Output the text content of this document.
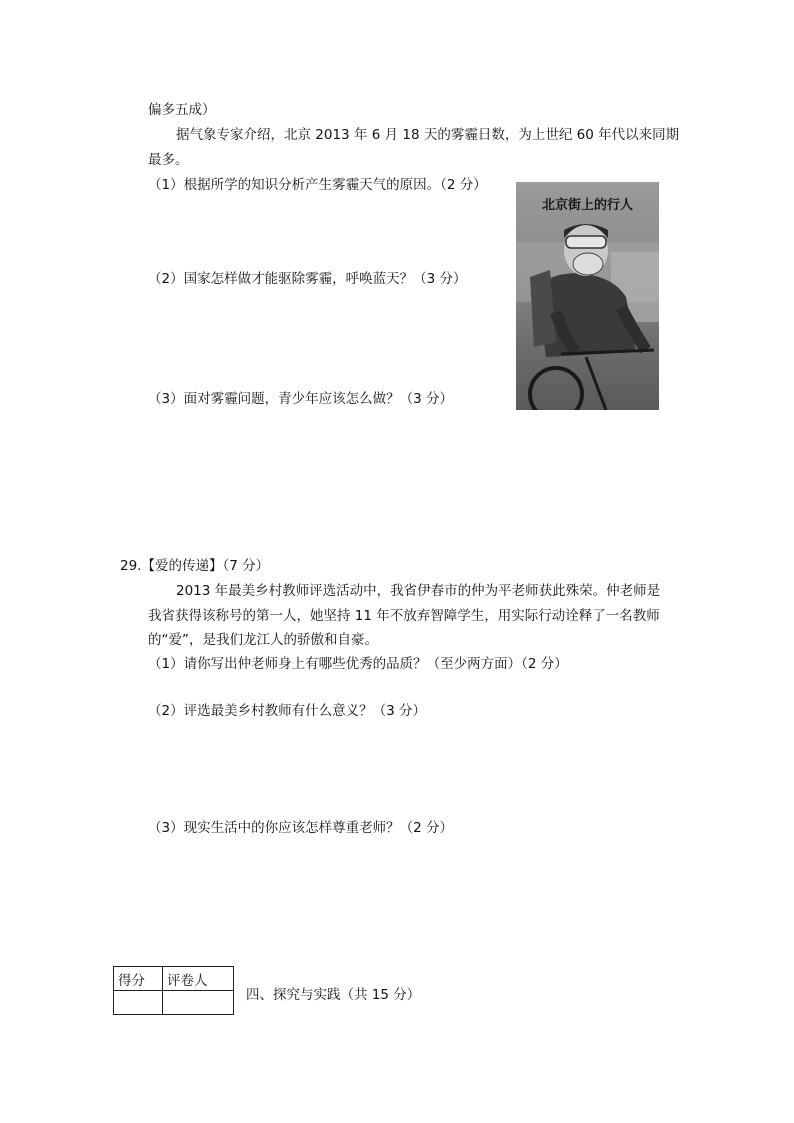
偏多五成）
据气象专家介绍，北京 2013 年 6 月 18 天的雾霾日数，为上世纪 60 年代以来同期
最多。
（1）根据所学的知识分析产生雾霾天气的原因。（2 分）
（2）国家怎样做才能驱除雾霾，呼唤蓝天？（3 分）
（3）面对雾霾问题，青少年应该怎么做？（3 分）
北京街上的行人
29.【爱的传递】（7 分）
2013 年最美乡村教师评选活动中，我省伊春市的仲为平老师获此殊荣。仲老师是
我省获得该称号的第一人，她坚持 11 年不放弃智障学生，用实际行动诠释了一名教师
的“爱”，是我们龙江人的骄傲和自豪。
（1）请你写出仲老师身上有哪些优秀的品质？（至少两方面）（2 分）
（2）评选最美乡村教师有什么意义？（3 分）
（3）现实生活中的你应该怎样尊重老师？（2 分）
得分	评卷人

四、探究与实践（共 15 分）
